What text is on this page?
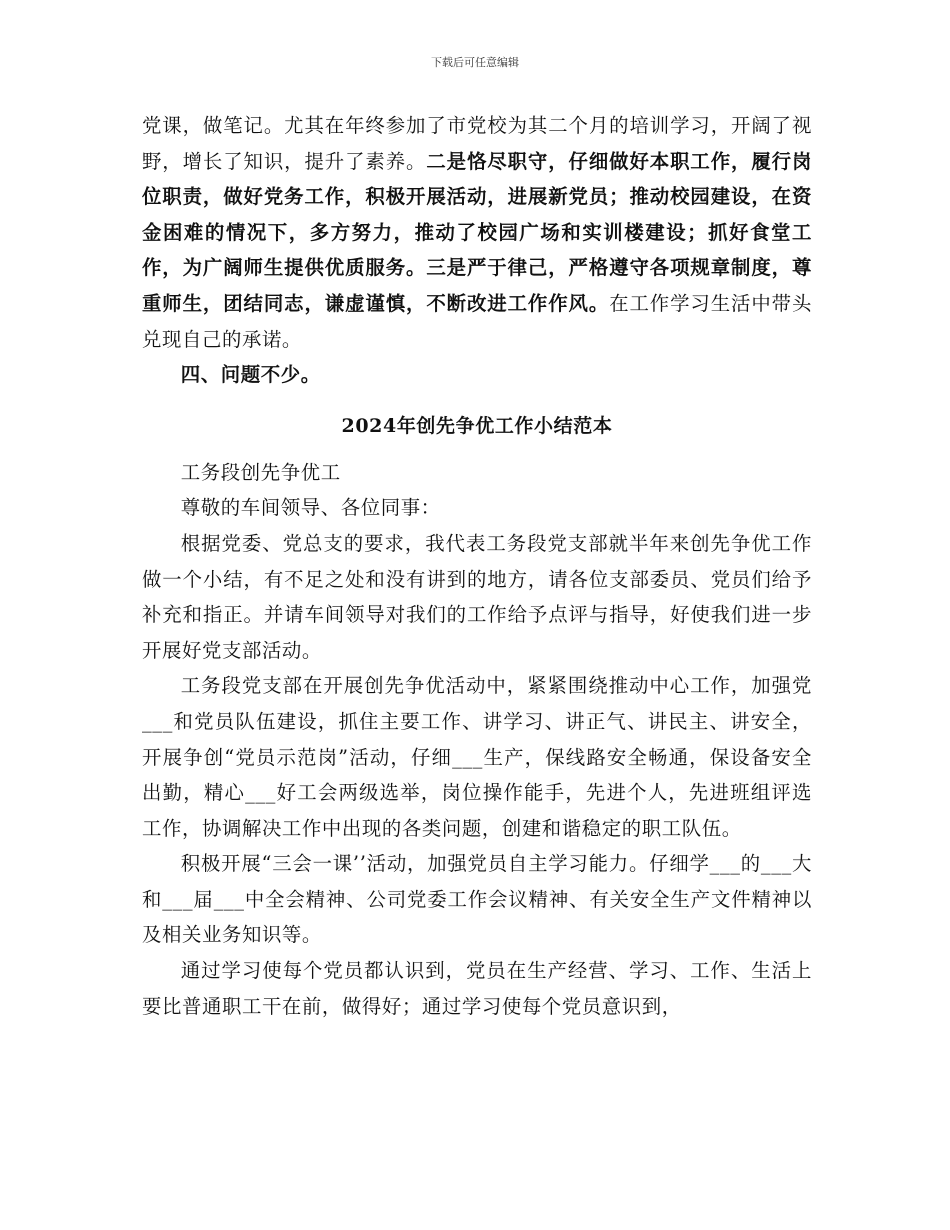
下载后可任意编辑

党课，做笔记。尤其在年终参加了市党校为其二个月的培训学习，开阔了视野，增长了知识，提升了素养。二是恪尽职守，仔细做好本职工作，履行岗位职责，做好党务工作，积极开展活动，进展新党员；推动校园建设，在资金困难的情况下，多方努力，推动了校园广场和实训楼建设；抓好食堂工作，为广阔师生提供优质服务。三是严于律己，严格遵守各项规章制度，尊重师生，团结同志，谦虚谨慎，不断改进工作作风。在工作学习生活中带头兑现自己的承诺。

四、问题不少。

2024年创先争优工作小结范本

工务段创先争优工

尊敬的车间领导、各位同事：

根据党委、党总支的要求，我代表工务段党支部就半年来创先争优工作做一个小结，有不足之处和没有讲到的地方，请各位支部委员、党员们给予补充和指正。并请车间领导对我们的工作给予点评与指导，好使我们进一步开展好党支部活动。

工务段党支部在开展创先争优活动中，紧紧围绕推动中心工作，加强党___和党员队伍建设，抓住主要工作、讲学习、讲正气、讲民主、讲安全，开展争创“党员示范岗”活动，仔细___生产，保线路安全畅通，保设备安全出勤，精心___好工会两级选举，岗位操作能手，先进个人，先进班组评选工作，协调解决工作中出现的各类问题，创建和谐稳定的职工队伍。

积极开展“三会一课’’活动，加强党员自主学习能力。仔细学___的___大和___届___中全会精神、公司党委工作会议精神、有关安全生产文件精神以及相关业务知识等。

通过学习使每个党员都认识到，党员在生产经营、学习、工作、生活上要比普通职工干在前，做得好；通过学习使每个党员意识到，
